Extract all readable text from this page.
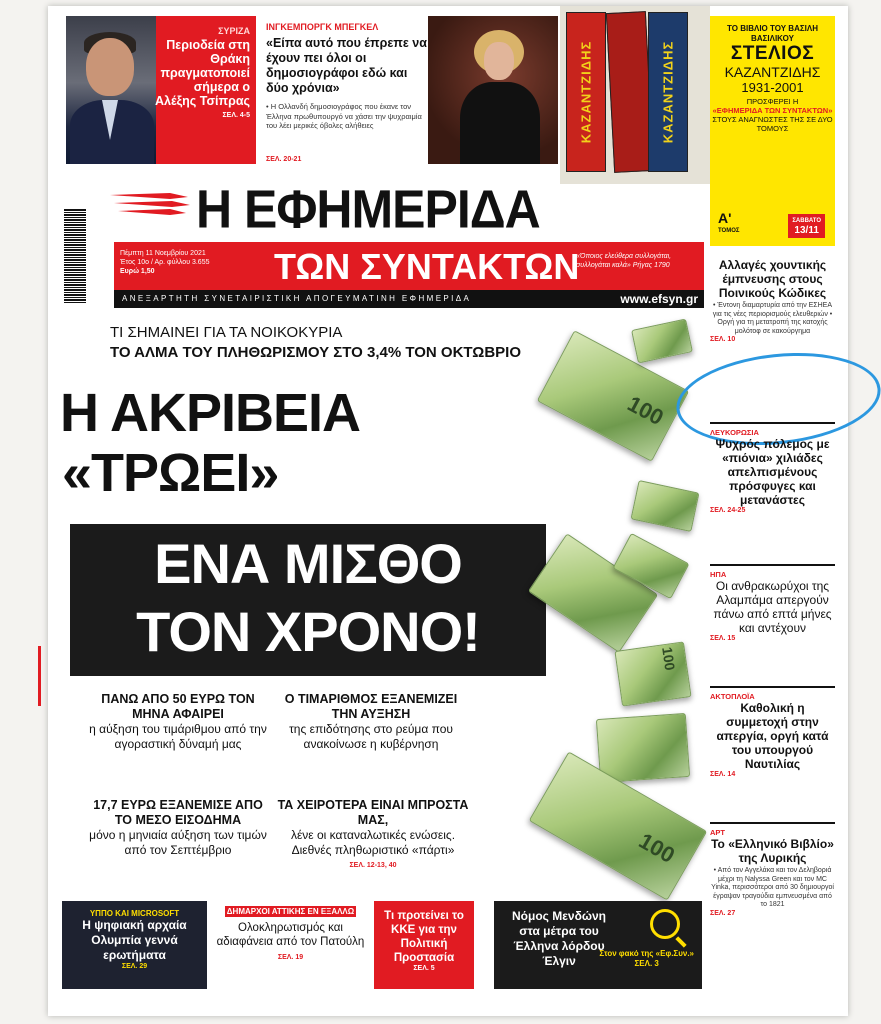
ΣΥΡΙΖΑ
Περιοδεία στη Θράκη πραγματοποιεί σήμερα ο Αλέξης Τσίπρας
ΣΕΛ. 4-5
ΙΝΓΚΕΜΠΟΡΓΚ ΜΠΕΓΚΕΛ
«Είπα αυτό που έπρεπε να έχουν πει όλοι οι δημοσιογράφοι εδώ και δύο χρόνια»
• Η Ολλανδή δημοσιογράφος που έκανε τον Έλληνα πρωθυπουργό να χάσει την ψυχραιμία του λέει μερικές όβολες αλήθειες
ΣΕΛ. 20-21
ΚΑΖΑΝΤΖΙΔΗΣ	ΚΑΖΑΝΤΖΙΔΗΣ
ΤΟ ΒΙΒΛΙΟ ΤΟΥ ΒΑΣΙΛΗ ΒΑΣΙΛΙΚΟΥ
ΣΤΕΛΙΟΣ
ΚΑΖΑΝΤΖΙΔΗΣ
1931-2001
ΠΡΟΣΦΕΡΕΙ Η
«ΕΦΗΜΕΡΙΔΑ ΤΩΝ ΣΥΝΤΑΚΤΩΝ»
ΣΤΟΥΣ ΑΝΑΓΝΩΣΤΕΣ ΤΗΣ ΣΕ ΔΥΟ ΤΟΜΟΥΣ
Α'
ΤΟΜΟΣ
ΣΑΒΒΑΤΟ
13/11
Η ΕΦΗΜΕΡΙΔΑ
Πέμπτη 11 Νοεμβρίου 2021
Έτος 10ο / Αρ. φύλλου 3.655
Ευρώ 1,50	ΤΩΝ ΣΥΝΤΑΚΤΩΝ
«Όποιος ελεύθερα συλλογάται, συλλογάται καλά» Ρήγας 1790
ΑΝΕΞΑΡΤΗΤΗ ΣΥΝΕΤΑΙΡΙΣΤΙΚΗ ΑΠΟΓΕΥΜΑΤΙΝΗ ΕΦΗΜΕΡΙΔΑ	www.efsyn.gr
ΤΙ ΣΗΜΑΙΝΕΙ ΓΙΑ ΤΑ ΝΟΙΚΟΚΥΡΙΑ
ΤΟ ΑΛΜΑ ΤΟΥ ΠΛΗΘΩΡΙΣΜΟΥ ΣΤΟ 3,4% ΤΟΝ ΟΚΤΩΒΡΙΟ
Η ΑΚΡΙΒΕΙΑ
«ΤΡΩΕΙ»
ΕΝΑ ΜΙΣΘΟ
ΤΟΝ ΧΡΟΝΟ!
100
100
100
ΠΑΝΩ ΑΠΟ 50 ΕΥΡΩ ΤΟΝ ΜΗΝΑ ΑΦΑΙΡΕΙ
η αύξηση του τιμάριθμου από την αγοραστική δύναμή μας
Ο ΤΙΜΑΡΙΘΜΟΣ ΕΞΑΝΕΜΙΖΕΙ ΤΗΝ ΑΥΞΗΣΗ
της επιδότησης στο ρεύμα που ανακοίνωσε η κυβέρνηση
17,7 ΕΥΡΩ ΕΞΑΝΕΜΙΣΕ ΑΠΟ ΤΟ ΜΕΣΟ ΕΙΣΟΔΗΜΑ
μόνο η μηνιαία αύξηση των τιμών από τον Σεπτέμβριο
ΤΑ ΧΕΙΡΟΤΕΡΑ ΕΙΝΑΙ ΜΠΡΟΣΤΑ ΜΑΣ,
λένε οι καταναλωτικές ενώσεις. Διεθνές πληθωριστικό «πάρτι»
ΣΕΛ. 12-13, 40
Αλλαγές χουντικής έμπνευσης στους Ποινικούς Κώδικες
• Έντονη διαμαρτυρία από την ΕΣΗΕΑ για τις νέες περιορισμούς ελευθεριών • Οργή για τη μετατροπή της κατοχής μολότοφ σε κακούργημα
ΣΕΛ. 10
ΛΕΥΚΟΡΩΣΙΑ
Ψυχρός πόλεμος με «πιόνια» χιλιάδες απελπισμένους πρόσφυγες και μετανάστες
ΣΕΛ. 24-25
ΗΠΑ
Οι ανθρακωρύχοι της Αλαμπάμα απεργούν πάνω από επτά μήνες και αντέχουν
ΣΕΛ. 15
ΑΚΤΟΠΛΟΪΑ
Καθολική η συμμετοχή στην απεργία, οργή κατά του υπουργού Ναυτιλίας
ΣΕΛ. 14
ΑΡΤ
Το «Ελληνικό Βιβλίο» της Λυρικής
• Από τον Αγγελάκα και τον Δεληβοριά μέχρι τη Nalyssa Green και τον MC Yinka, περισσότεροι από 30 δημιουργοί έγραψαν τραγούδια εμπνευσμένα από το 1821
ΣΕΛ. 27
ΥΠΠΟ ΚΑΙ MICROSOFT
Η ψηφιακή αρχαία Ολυμπία γεννά ερωτήματα
ΣΕΛ. 29
ΔΗΜΑΡΧΟΙ ΑΤΤΙΚΗΣ ΕΝ ΕΞΑΛΛΩ
Ολοκληρωτισμός και αδιαφάνεια από τον Πατούλη ΣΕΛ. 19
Τι προτείνει το ΚΚΕ για την Πολιτική Προστασία
ΣΕΛ. 5
Νόμος Μενδώνη στα μέτρα του Έλληνα λόρδου Έλγιν
Στον φακό της «Εφ.Συν.»
ΣΕΛ. 3
